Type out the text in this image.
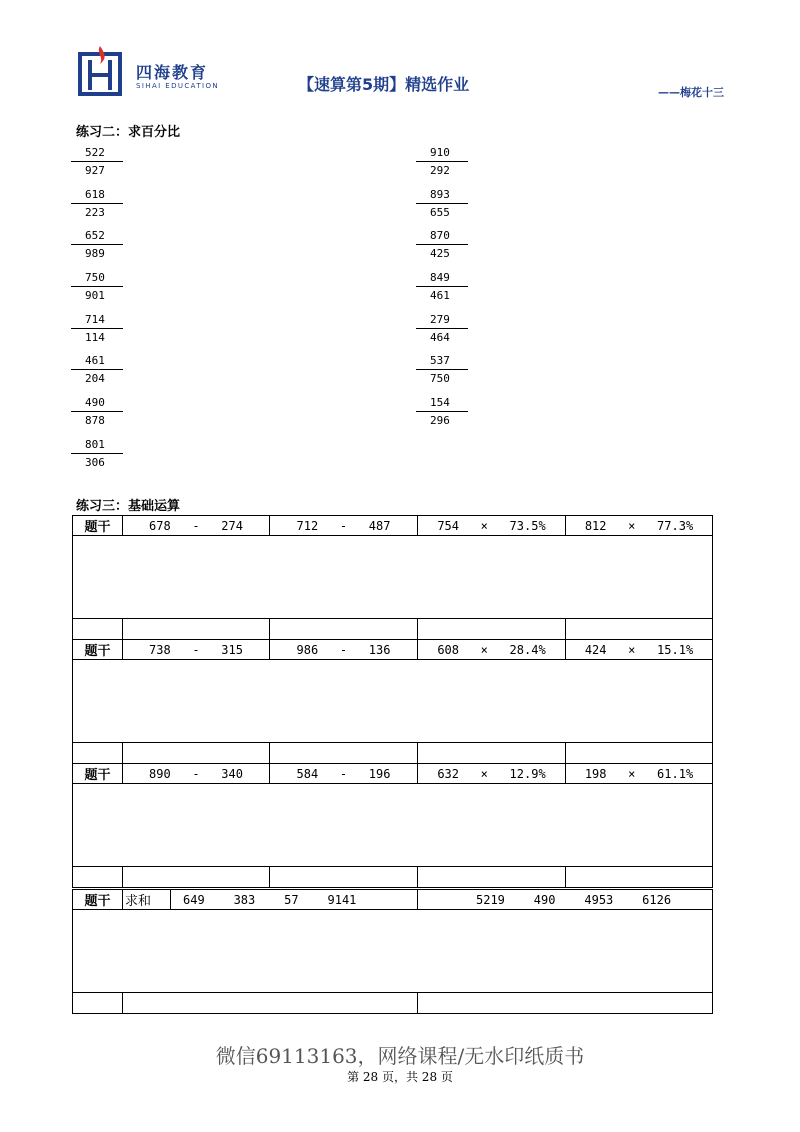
四海教育
SIHAI EDUCATION	【速算第5期】精选作业	——梅花十三
练习二：求百分比
$\frac{522}{927}$
$\frac{618}{223}$
$\frac{652}{989}$
$\frac{750}{901}$
$\frac{714}{114}$
$\frac{461}{204}$
$\frac{490}{878}$
$\frac{801}{306}$
$\frac{910}{292}$
$\frac{893}{655}$
$\frac{870}{425}$
$\frac{849}{461}$
$\frac{279}{464}$
$\frac{537}{750}$
$\frac{154}{296}$
练习三：基础运算
题干	678   -   274	712   -   487	754   ×   73.5%	812   ×   77.3%

题干	738   -   315	986   -   136	608   ×   28.4%	424   ×   15.1%

题干	890   -   340	584   -   196	632   ×   12.9%	198   ×   61.1%

题干	求和	649    383    57    9141	5219    490    4953    6126

微信69113163，网络课程/无水印纸质书
第 28 页，共 28 页
